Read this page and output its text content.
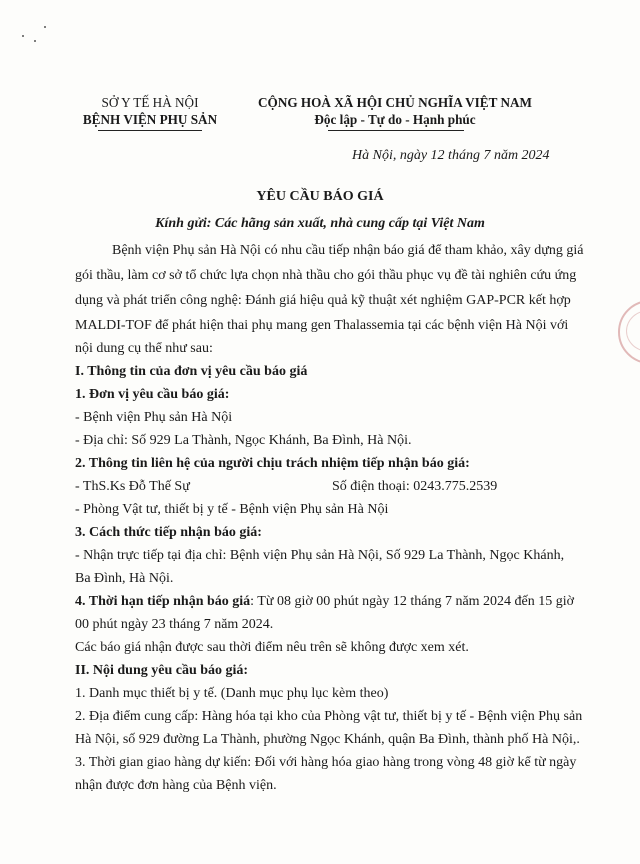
SỞ Y TẾ HÀ NỘI
BỆNH VIỆN PHỤ SẢN
CỘNG HOÀ XÃ HỘI CHỦ NGHĨA VIỆT NAM
Độc lập - Tự do - Hạnh phúc
Hà Nội, ngày 12 tháng 7 năm 2024
YÊU CẦU BÁO GIÁ
Kính gửi: Các hãng sản xuất, nhà cung cấp tại Việt Nam
Bệnh viện Phụ sản Hà Nội có nhu cầu tiếp nhận báo giá để tham khảo, xây dựng giá
gói thầu, làm cơ sở tổ chức lựa chọn nhà thầu cho gói thầu phục vụ đề tài nghiên cứu ứng
dụng và phát triển công nghệ: Đánh giá hiệu quả kỹ thuật xét nghiệm GAP-PCR kết hợp
MALDI-TOF để phát hiện thai phụ mang gen Thalassemia tại các bệnh viện Hà Nội với
nội dung cụ thể như sau:
I. Thông tin của đơn vị yêu cầu báo giá
1. Đơn vị yêu cầu báo giá:
- Bệnh viện Phụ sản Hà Nội
- Địa chỉ: Số 929 La Thành, Ngọc Khánh, Ba Đình, Hà Nội.
2. Thông tin liên hệ của người chịu trách nhiệm tiếp nhận báo giá:
- ThS.Ks Đỗ Thế Sự	Số điện thoại: 0243.775.2539
- Phòng Vật tư, thiết bị y tế - Bệnh viện Phụ sản Hà Nội
3. Cách thức tiếp nhận báo giá:
- Nhận trực tiếp tại địa chỉ: Bệnh viện Phụ sản Hà Nội, Số 929 La Thành, Ngọc Khánh,
Ba Đình, Hà Nội.
4. Thời hạn tiếp nhận báo giá: Từ 08 giờ 00 phút ngày 12 tháng 7 năm 2024 đến 15 giờ
00 phút ngày 23 tháng 7 năm 2024.
Các báo giá nhận được sau thời điểm nêu trên sẽ không được xem xét.
II. Nội dung yêu cầu báo giá:
1. Danh mục thiết bị y tế. (Danh mục phụ lục kèm theo)
2. Địa điểm cung cấp: Hàng hóa tại kho của Phòng vật tư, thiết bị y tế - Bệnh viện Phụ sản
Hà Nội, số 929 đường La Thành, phường Ngọc Khánh, quận Ba Đình, thành phố Hà Nội,.
3. Thời gian giao hàng dự kiến: Đối với hàng hóa giao hàng trong vòng 48 giờ kể từ ngày
nhận được đơn hàng của Bệnh viện.
